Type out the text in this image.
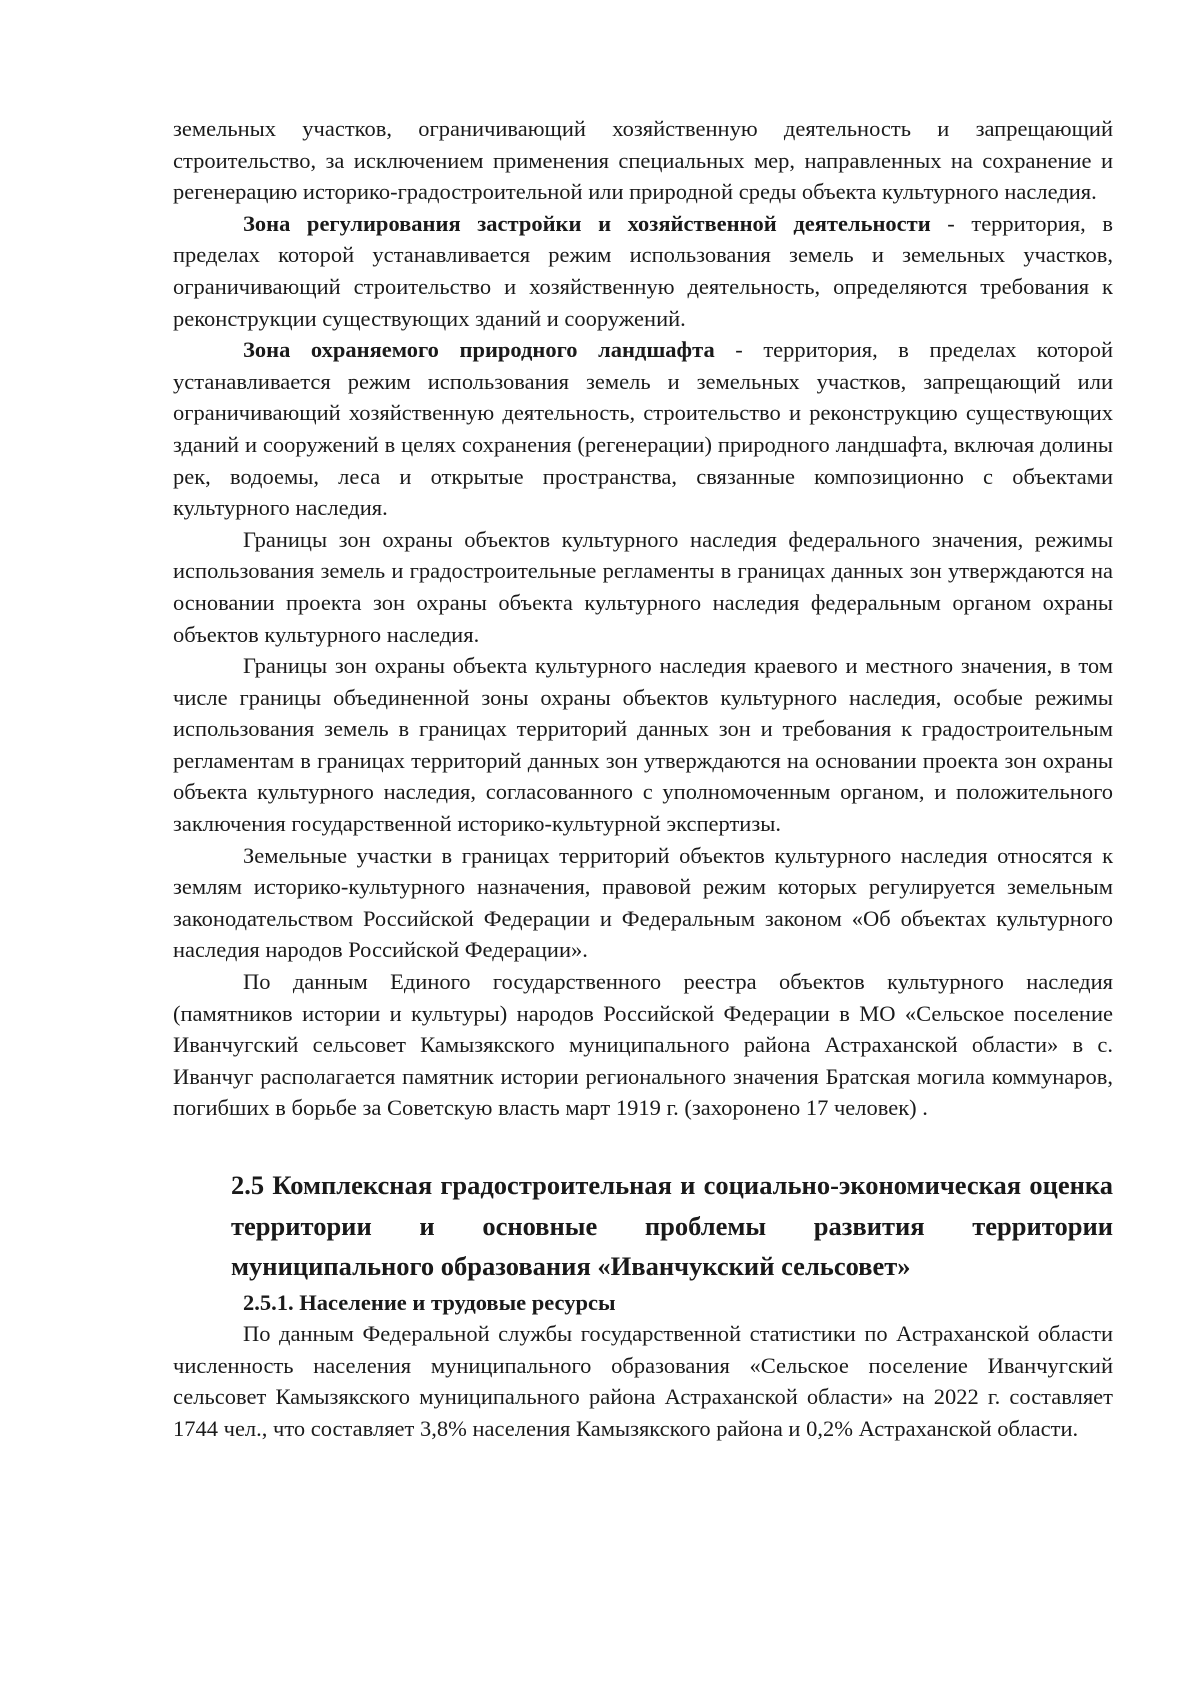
земельных участков, ограничивающий хозяйственную деятельность и запрещающий строительство, за исключением применения специальных мер, направленных на сохранение и регенерацию историко-градостроительной или природной среды объекта культурного наследия.

Зона регулирования застройки и хозяйственной деятельности - территория, в пределах которой устанавливается режим использования земель и земельных участков, ограничивающий строительство и хозяйственную деятельность, определяются требования к реконструкции существующих зданий и сооружений.

Зона охраняемого природного ландшафта - территория, в пределах которой устанавливается режим использования земель и земельных участков, запрещающий или ограничивающий хозяйственную деятельность, строительство и реконструкцию существующих зданий и сооружений в целях сохранения (регенерации) природного ландшафта, включая долины рек, водоемы, леса и открытые пространства, связанные композиционно с объектами культурного наследия.

Границы зон охраны объектов культурного наследия федерального значения, режимы использования земель и градостроительные регламенты в границах данных зон утверждаются на основании проекта зон охраны объекта культурного наследия федеральным органом охраны объектов культурного наследия.

Границы зон охраны объекта культурного наследия краевого и местного значения, в том числе границы объединенной зоны охраны объектов культурного наследия, особые режимы использования земель в границах территорий данных зон и требования к градостроительным регламентам в границах территорий данных зон утверждаются на основании проекта зон охраны объекта культурного наследия, согласованного с уполномоченным органом, и положительного заключения государственной историко-культурной экспертизы.

Земельные участки в границах территорий объектов культурного наследия относятся к землям историко-культурного назначения, правовой режим которых регулируется земельным законодательством Российской Федерации и Федеральным законом «Об объектах культурного наследия народов Российской Федерации».

По данным Единого государственного реестра объектов культурного наследия (памятников истории и культуры) народов Российской Федерации в МО «Сельское поселение Иванчугский сельсовет Камызякского муниципального района Астраханской области» в с. Иванчуг располагается памятник истории регионального значения Братская могила коммунаров, погибших в борьбе за Советскую власть март 1919 г. (захоронено 17 человек) .

2.5 Комплексная градостроительная и социально-экономическая оценка территории и основные проблемы развития территории муниципального образования «Иванчукский сельсовет»
2.5.1. Население и трудовые ресурсы

По данным Федеральной службы государственной статистики по Астраханской области численность населения муниципального образования «Сельское поселение Иванчугский сельсовет Камызякского муниципального района Астраханской области» на 2022 г. составляет 1744 чел., что составляет 3,8% населения Камызякского района и 0,2% Астраханской области.
